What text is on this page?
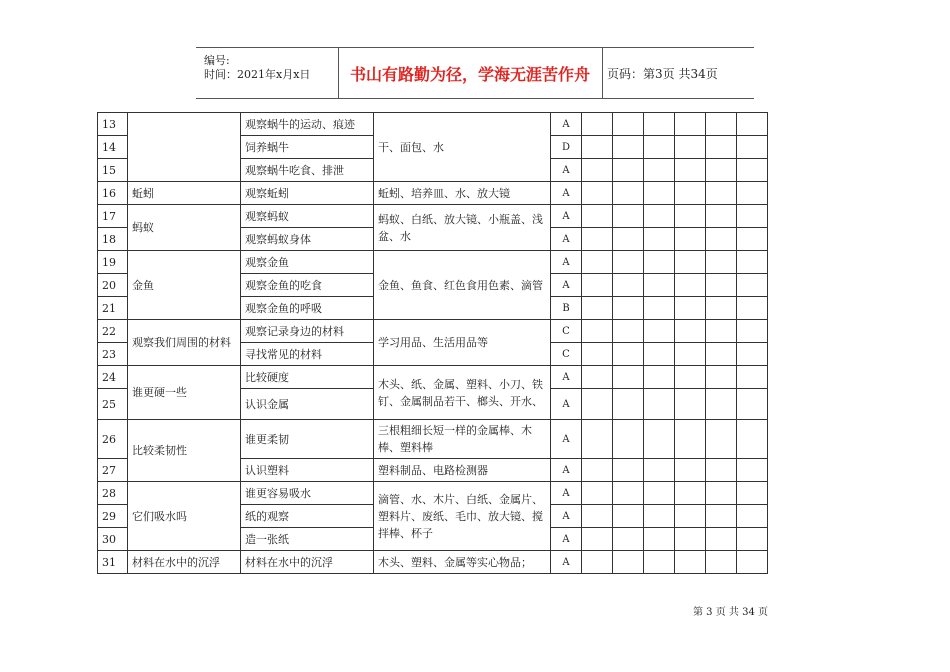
编号:
时间：2021年x月x日	书山有路勤为径，学海无涯苦作舟	页码：第3页 共34页
13		观察蜗牛的运动、痕迹	干、面包、水	A						
14		饲养蜗牛		D						
15		观察蜗牛吃食、排泄		A						
16	蚯蚓	观察蚯蚓	蚯蚓、培养皿、水、放大镜	A						
17	蚂蚁	观察蚂蚁	蚂蚁、白纸、放大镜、小瓶盖、浅盆、水	A						
18		观察蚂蚁身体		A						
19	金鱼	观察金鱼	金鱼、鱼食、红色食用色素、滴管	A						
20		观察金鱼的吃食		A						
21		观察金鱼的呼吸		B						
22	观察我们周围的材料	观察记录身边的材料	学习用品、生活用品等	C						
23		寻找常见的材料		C						
24	谁更硬一些	比较硬度	木头、纸、金属、塑料、小刀、铁钉、金属制品若干、榔头、开水、	A						
25		认识金属		A						
26	比较柔韧性	谁更柔韧	三根粗细长短一样的金属棒、木棒、塑料棒	A						
27		认识塑料	塑料制品、电路检测器	A						
28	它们吸水吗	谁更容易吸水	滴管、水、木片、白纸、金属片、塑料片、废纸、毛巾、放大镜、搅拌棒、杯子	A						
29		纸的观察		A						
30		造一张纸		A						
31	材料在水中的沉浮	材料在水中的沉浮	木头、塑料、金属等实心物品；	A						
第 3 页 共 34 页
